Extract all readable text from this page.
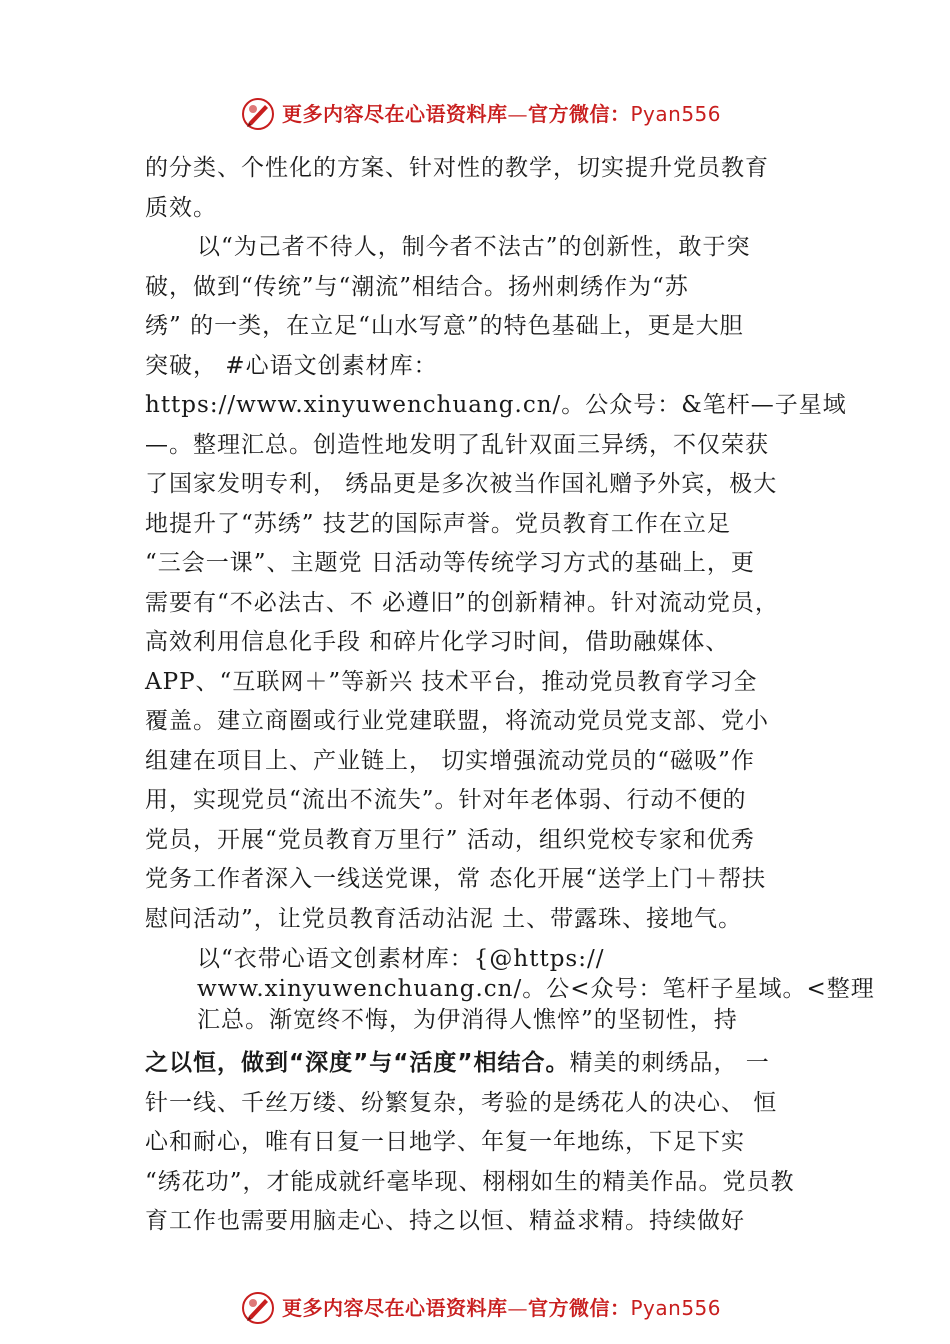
更多内容尽在心语资料库—官方微信：Pyan556
的分类、个性化的方案、针对性的教学，切实提升党员教育
质效。
以“为己者不待人，制今者不法古”的创新性，敢于突
破，做到“传统”与“潮流”相结合。扬州刺绣作为“苏
绣” 的一类，在立足“山水写意”的特色基础上，更是大胆
突破， #心语文创素材库：
https://www.xinyuwenchuang.cn/。公众号：&笔杆—子星域
—。整理汇总。创造性地发明了乱针双面三异绣，不仅荣获
了国家发明专利， 绣品更是多次被当作国礼赠予外宾，极大
地提升了“苏绣” 技艺的国际声誉。党员教育工作在立足
“三会一课”、主题党 日活动等传统学习方式的基础上，更
需要有“不必法古、不 必遵旧”的创新精神。针对流动党员，
高效利用信息化手段 和碎片化学习时间，借助融媒体、
APP、“互联网＋”等新兴 技术平台，推动党员教育学习全
覆盖。建立商圈或行业党建联盟，将流动党员党支部、党小
组建在项目上、产业链上， 切实增强流动党员的“磁吸”作
用，实现党员“流出不流失”。针对年老体弱、行动不便的
党员，开展“党员教育万里行” 活动，组织党校专家和优秀
党务工作者深入一线送党课，常 态化开展“送学上门＋帮扶
慰问活动”，让党员教育活动沾泥 土、带露珠、接地气。
以“衣带心语文创素材库：{@https://
www.xinyuwenchuang.cn/。公<众号：笔杆子星域。<整理
汇总。渐宽终不悔，为伊消得人憔悴”的坚韧性，持
之以恒，做到“深度”与“活度”相结合。精美的刺绣品， 一
针一线、千丝万缕、纷繁复杂，考验的是绣花人的决心、 恒
心和耐心，唯有日复一日地学、年复一年地练，下足下实
“绣花功”，才能成就纤毫毕现、栩栩如生的精美作品。党员教
育工作也需要用脑走心、持之以恒、精益求精。持续做好
更多内容尽在心语资料库—官方微信：Pyan556
